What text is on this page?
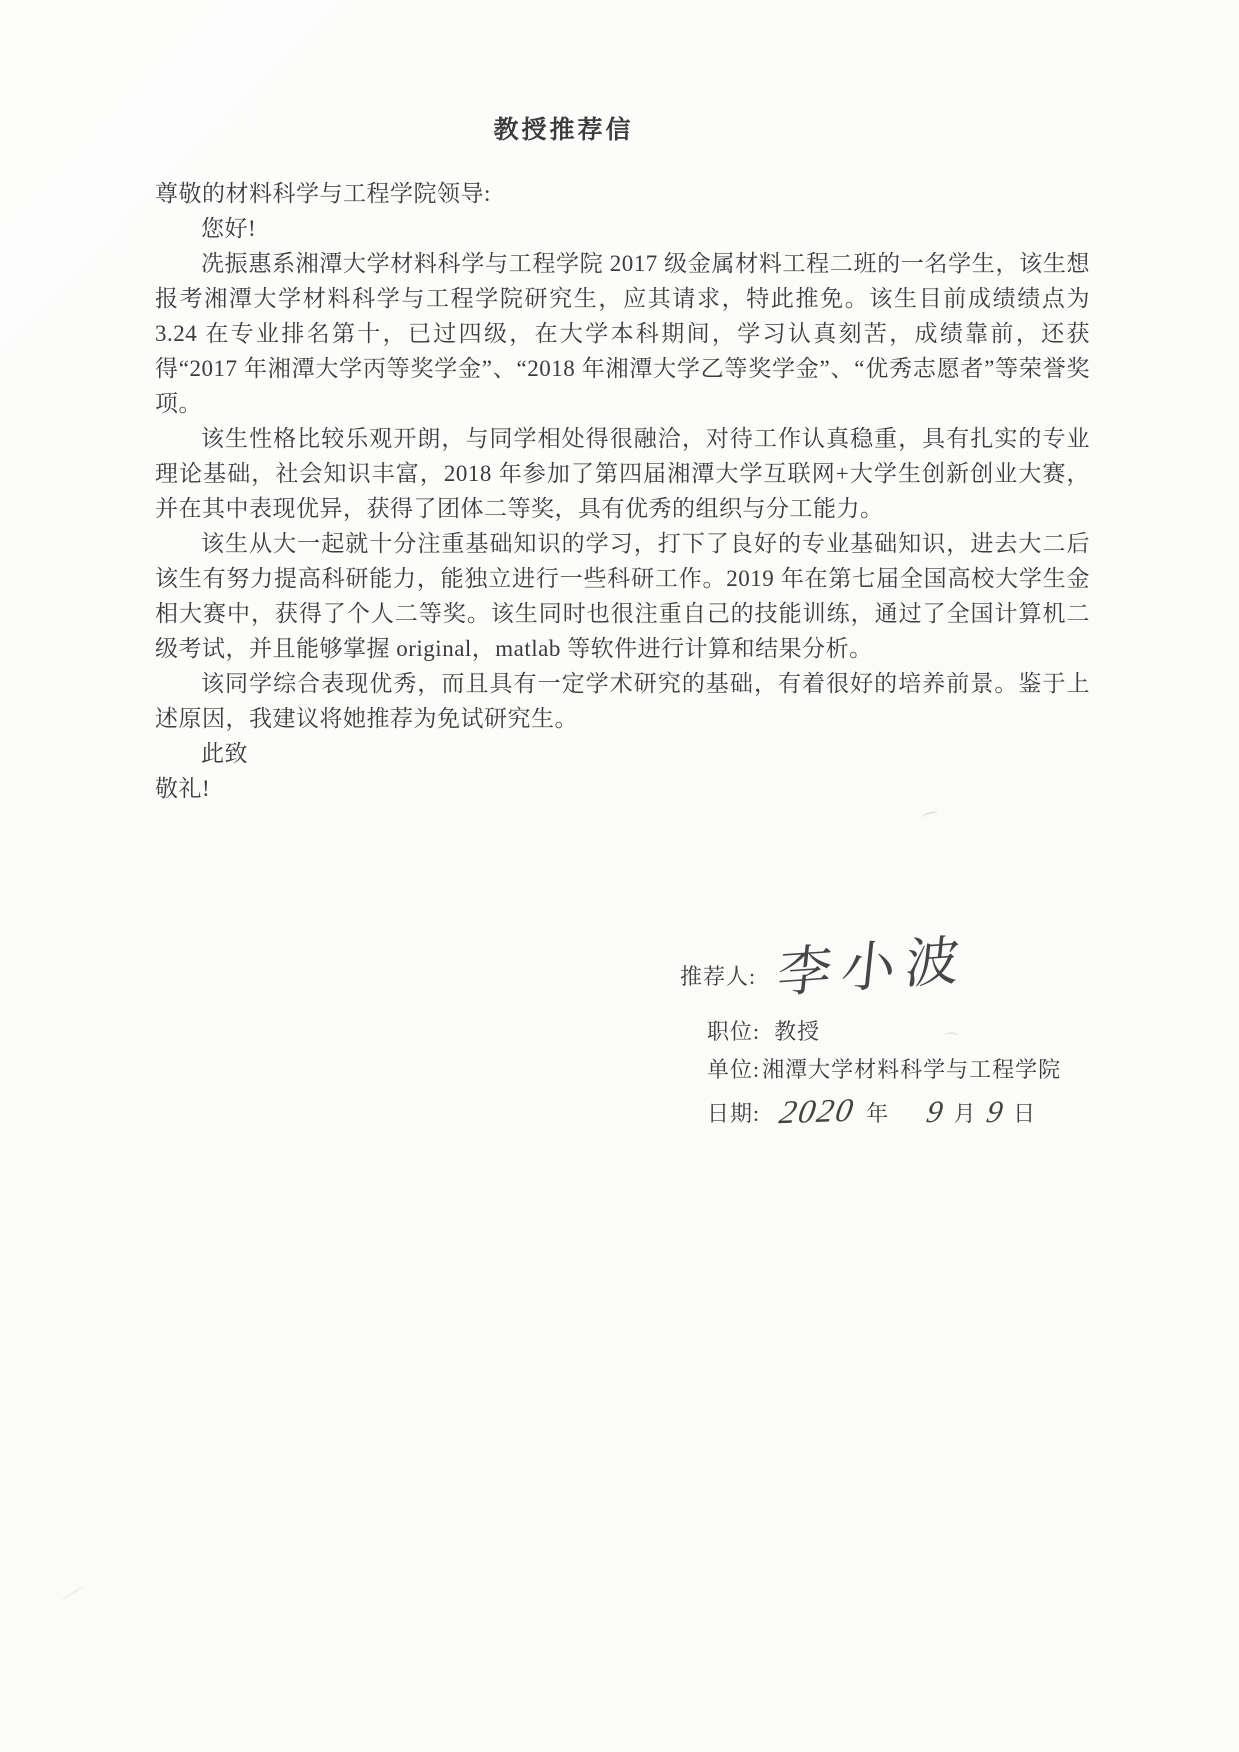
教授推荐信

尊敬的材料科学与工程学院领导:

您好!

冼振惠系湘潭大学材料科学与工程学院 2017 级金属材料工程二班的一名学生，该生想报考湘潭大学材料科学与工程学院研究生，应其请求，特此推免。该生目前成绩绩点为 3.24 在专业排名第十，已过四级，在大学本科期间，学习认真刻苦，成绩靠前，还获得“2017 年湘潭大学丙等奖学金”、“2018 年湘潭大学乙等奖学金”、“优秀志愿者”等荣誉奖项。

该生性格比较乐观开朗，与同学相处得很融洽，对待工作认真稳重，具有扎实的专业理论基础，社会知识丰富，2018 年参加了第四届湘潭大学互联网+大学生创新创业大赛，并在其中表现优异，获得了团体二等奖，具有优秀的组织与分工能力。

该生从大一起就十分注重基础知识的学习，打下了良好的专业基础知识，进去大二后该生有努力提高科研能力，能独立进行一些科研工作。2019 年在第七届全国高校大学生金相大赛中，获得了个人二等奖。该生同时也很注重自己的技能训练，通过了全国计算机二级考试，并且能够掌握 original，matlab 等软件进行计算和结果分析。

该同学综合表现优秀，而且具有一定学术研究的基础，有着很好的培养前景。鉴于上述原因，我建议将她推荐为免试研究生。

此致

敬礼!

推荐人: 李小波
职位: 教授
单位: 湘潭大学材料科学与工程学院
日期: 2020 年 9 月 9 日
